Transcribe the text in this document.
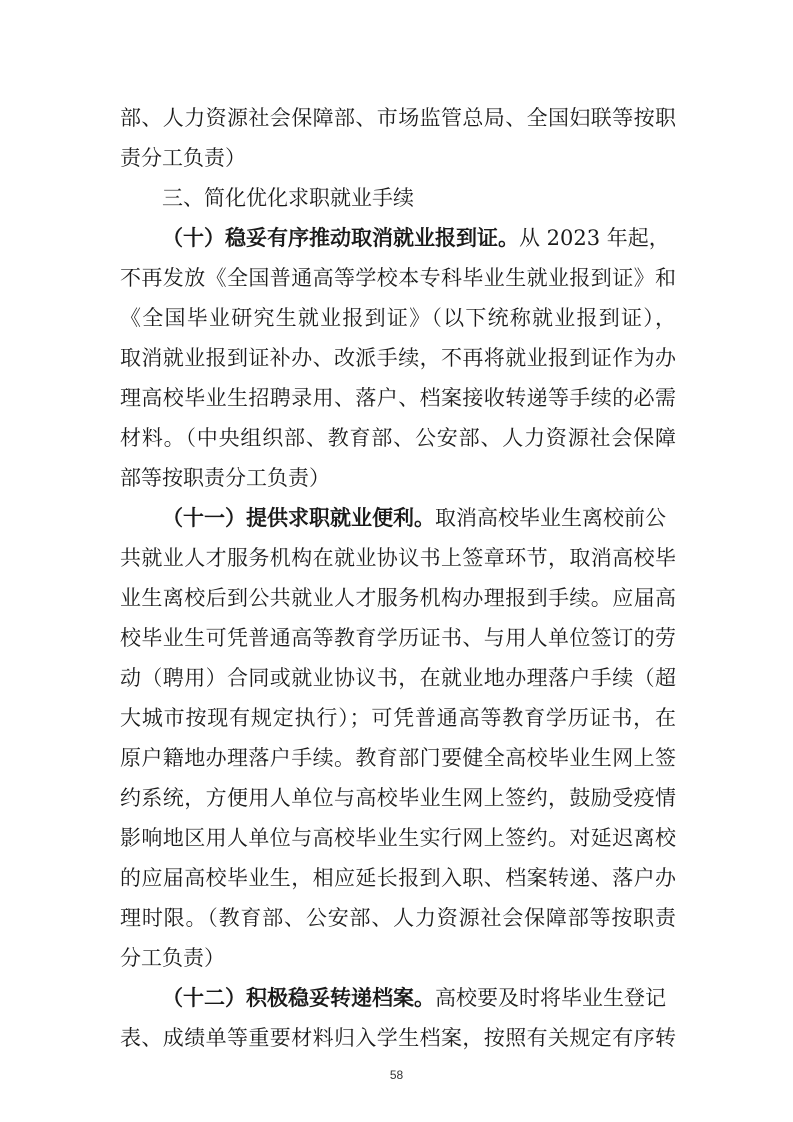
部、人力资源社会保障部、市场监管总局、全国妇联等按职
责分工负责）
三、简化优化求职就业手续
（十）稳妥有序推动取消就业报到证。从 2023 年起，
不再发放《全国普通高等学校本专科毕业生就业报到证》和
《全国毕业研究生就业报到证》（以下统称就业报到证），
取消就业报到证补办、改派手续，不再将就业报到证作为办
理高校毕业生招聘录用、落户、档案接收转递等手续的必需
材料。（中央组织部、教育部、公安部、人力资源社会保障
部等按职责分工负责）
（十一）提供求职就业便利。取消高校毕业生离校前公
共就业人才服务机构在就业协议书上签章环节，取消高校毕
业生离校后到公共就业人才服务机构办理报到手续。应届高
校毕业生可凭普通高等教育学历证书、与用人单位签订的劳
动（聘用）合同或就业协议书，在就业地办理落户手续（超
大城市按现有规定执行）；可凭普通高等教育学历证书，在
原户籍地办理落户手续。教育部门要健全高校毕业生网上签
约系统，方便用人单位与高校毕业生网上签约，鼓励受疫情
影响地区用人单位与高校毕业生实行网上签约。对延迟离校
的应届高校毕业生，相应延长报到入职、档案转递、落户办
理时限。（教育部、公安部、人力资源社会保障部等按职责
分工负责）
（十二）积极稳妥转递档案。高校要及时将毕业生登记
表、成绩单等重要材料归入学生档案，按照有关规定有序转
58
